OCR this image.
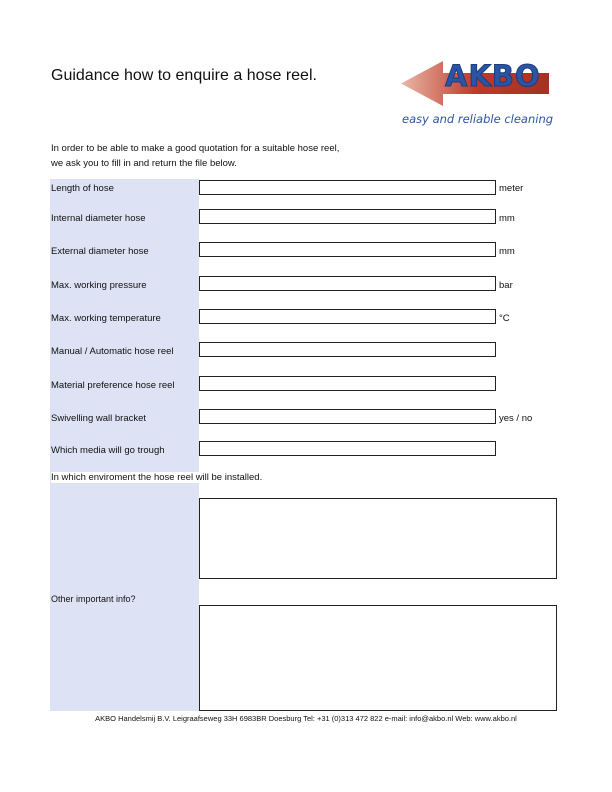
Guidance how to enquire a hose reel.	AKBO
easy and reliable cleaning
In order to be able to make a good quotation for a suitable hose reel,
we ask you to fill in and return the file below.
Length of hose	meter
Internal diameter hose	mm
External diameter hose	mm
Max. working pressure	bar
Max. working temperature	°C
Manual / Automatic hose reel
Material preference hose reel
Swivelling wall bracket	yes / no
Which media will go trough
In which enviroment the hose reel will be installed.
Other important info?
AKBO Handelsmij B.V. Leigraafseweg 33H 6983BR Doesburg Tel: +31 (0)313 472 822 e-mail: info@akbo.nl Web: www.akbo.nl
